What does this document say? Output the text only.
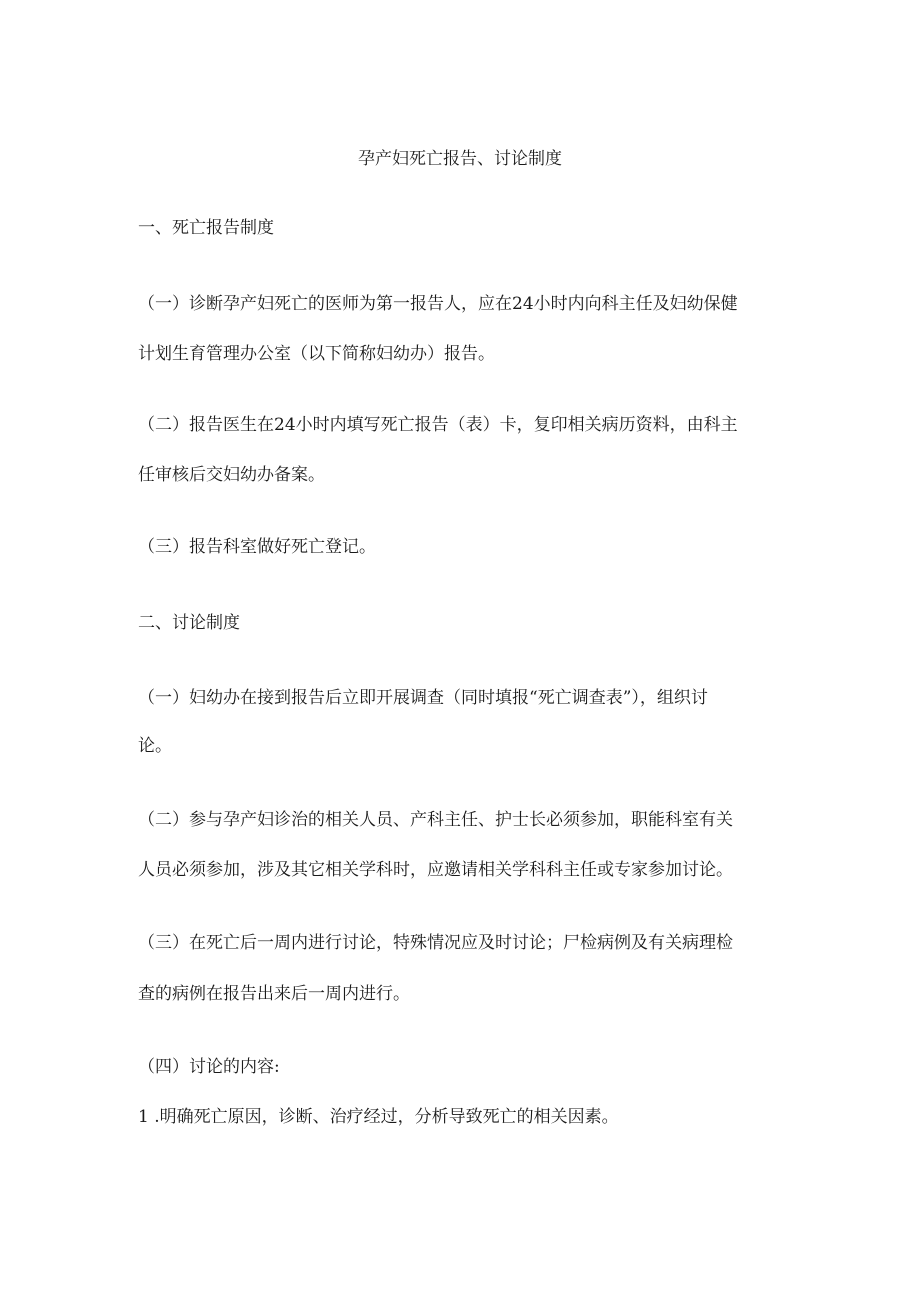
孕产妇死亡报告、讨论制度
一、死亡报告制度
（一）诊断孕产妇死亡的医师为第一报告人，应在24小时内向科主任及妇幼保健
计划生育管理办公室（以下简称妇幼办）报告。
（二）报告医生在24小时内填写死亡报告（表）卡，复印相关病历资料，由科主
任审核后交妇幼办备案。
（三）报告科室做好死亡登记。
二、讨论制度
（一）妇幼办在接到报告后立即开展调查（同时填报“死亡调查表”），组织讨
论。
（二）参与孕产妇诊治的相关人员、产科主任、护士长必须参加，职能科室有关
人员必须参加，涉及其它相关学科时，应邀请相关学科科主任或专家参加讨论。
（三）在死亡后一周内进行讨论，特殊情况应及时讨论；尸检病例及有关病理检
查的病例在报告出来后一周内进行。
（四）讨论的内容:
1 .明确死亡原因，诊断、治疗经过，分析导致死亡的相关因素。
